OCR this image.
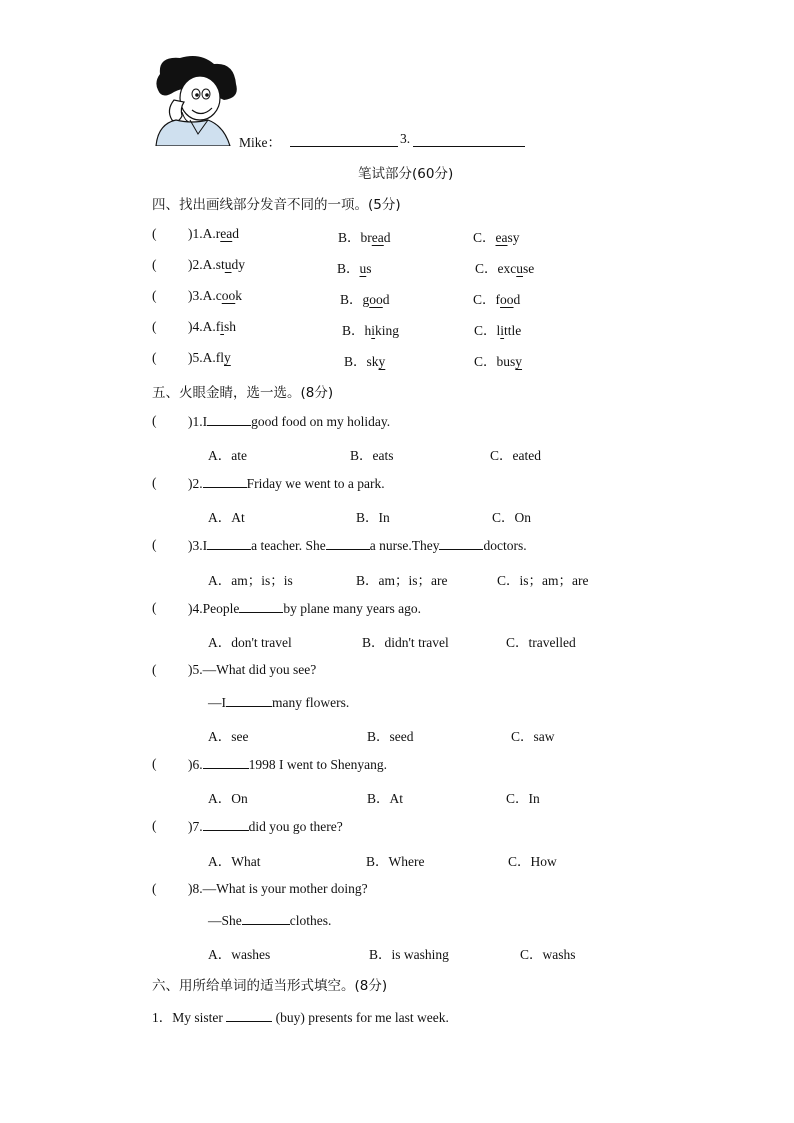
Mike：	3.
笔试部分(60分)
四、找出画线部分发音不同的一项。(5分)
( )1.A.read	B．bread	C．easy
( )2.A.study	B．us	C．excuse
( )3.A.cook	B．good	C．food
( )4.A.fish	B．hiking	C．little
( )5.A.fly	B．sky	C．busy
五、火眼金睛，选一选。(8分)
( )1.I	good food on my holiday.
A．ate	B．eats	C．eated
( )2.	Friday we went to a park.
A．At	B．In	C．On
( )3.I	a teacher. She	a nurse.They	doctors.
A．am；is；is	B．am；is；are	C．is；am；are
( )4.People	by plane many years ago.
A．don't travel	B．didn't travel	C．travelled
( )5.—What did you see?
—I	many flowers.
A．see	B．seed	C．saw
( )6.	1998 I went to Shenyang.
A．On	B．At	C．In
( )7.	did you go there?
A．What	B．Where	C．How
( )8.—What is your mother doing?
—She	clothes.
A．washes	B．is washing	C．washs
六、用所给单词的适当形式填空。(8分)
1．My sister	(buy) presents for me last week.
